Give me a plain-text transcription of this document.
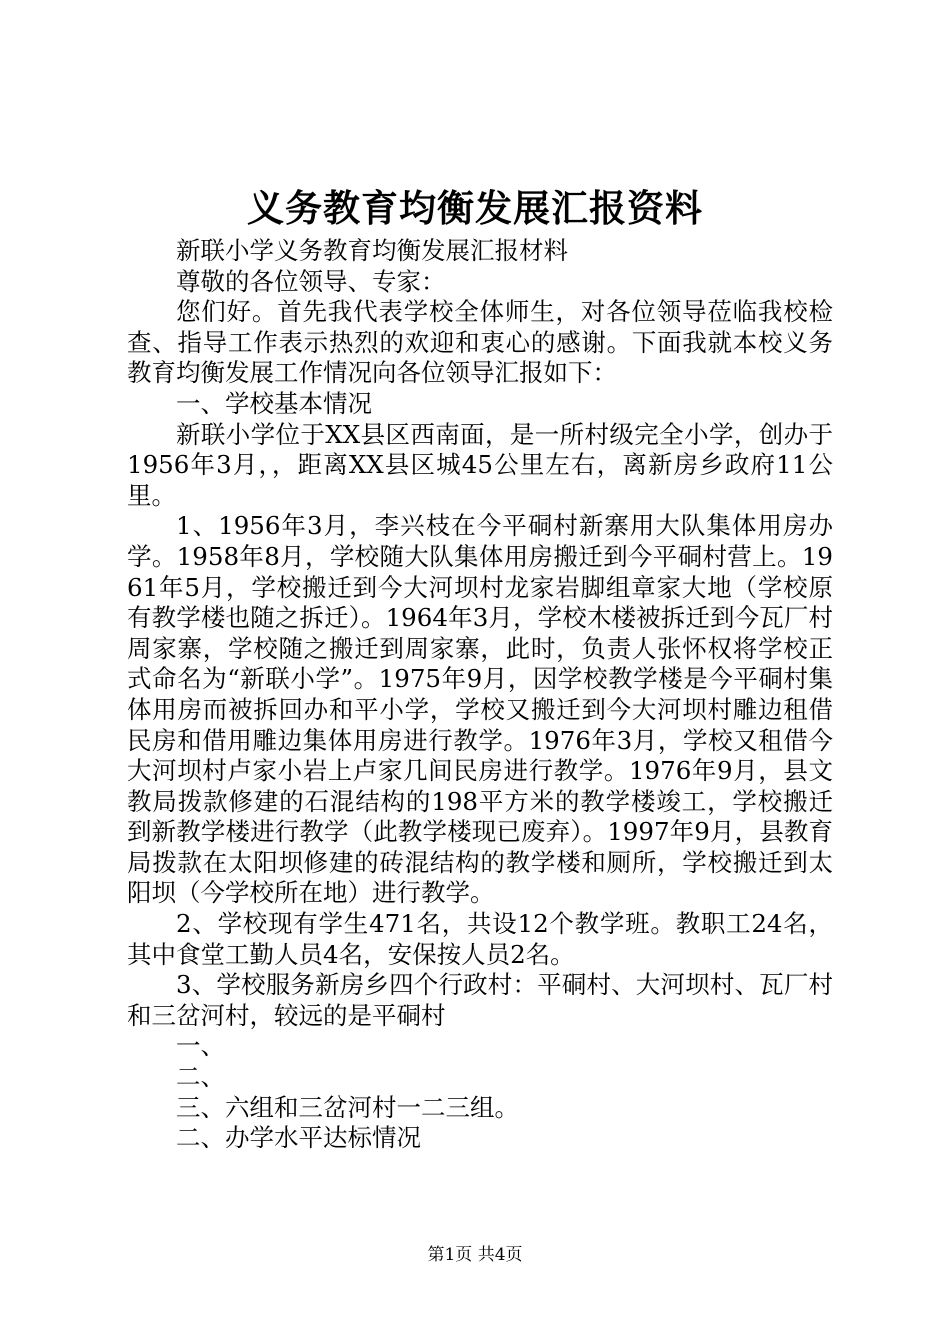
义务教育均衡发展汇报资料

新联小学义务教育均衡发展汇报材料

尊敬的各位领导、专家：

您们好。首先我代表学校全体师生，对各位领导莅临我校检查、指导工作表示热烈的欢迎和衷心的感谢。下面我就本校义务教育均衡发展工作情况向各位领导汇报如下：

一、学校基本情况

新联小学位于XX县区西南面，是一所村级完全小学，创办于1956年3月，，距离XX县区城45公里左右，离新房乡政府11公里。

1、1956年3月，李兴枝在今平硐村新寨用大队集体用房办学。1958年8月，学校随大队集体用房搬迁到今平硐村营上。1961年5月，学校搬迁到今大河坝村龙家岩脚组章家大地（学校原有教学楼也随之拆迁）。1964年3月，学校木楼被拆迁到今瓦厂村周家寨，学校随之搬迁到周家寨，此时，负责人张怀权将学校正式命名为“新联小学”。1975年9月，因学校教学楼是今平硐村集体用房而被拆回办和平小学，学校又搬迁到今大河坝村雕边租借民房和借用雕边集体用房进行教学。1976年3月，学校又租借今大河坝村卢家小岩上卢家几间民房进行教学。1976年9月，县文教局拨款修建的石混结构的198平方米的教学楼竣工，学校搬迁到新教学楼进行教学（此教学楼现已废弃）。1997年9月，县教育局拨款在太阳坝修建的砖混结构的教学楼和厕所，学校搬迁到太阳坝（今学校所在地）进行教学。

2、学校现有学生471名，共设12个教学班。教职工24名，其中食堂工勤人员4名，安保按人员2名。

3、学校服务新房乡四个行政村：平硐村、大河坝村、瓦厂村和三岔河村，较远的是平硐村

一、

二、

三、六组和三岔河村一二三组。

二、办学水平达标情况

第1页 共4页
